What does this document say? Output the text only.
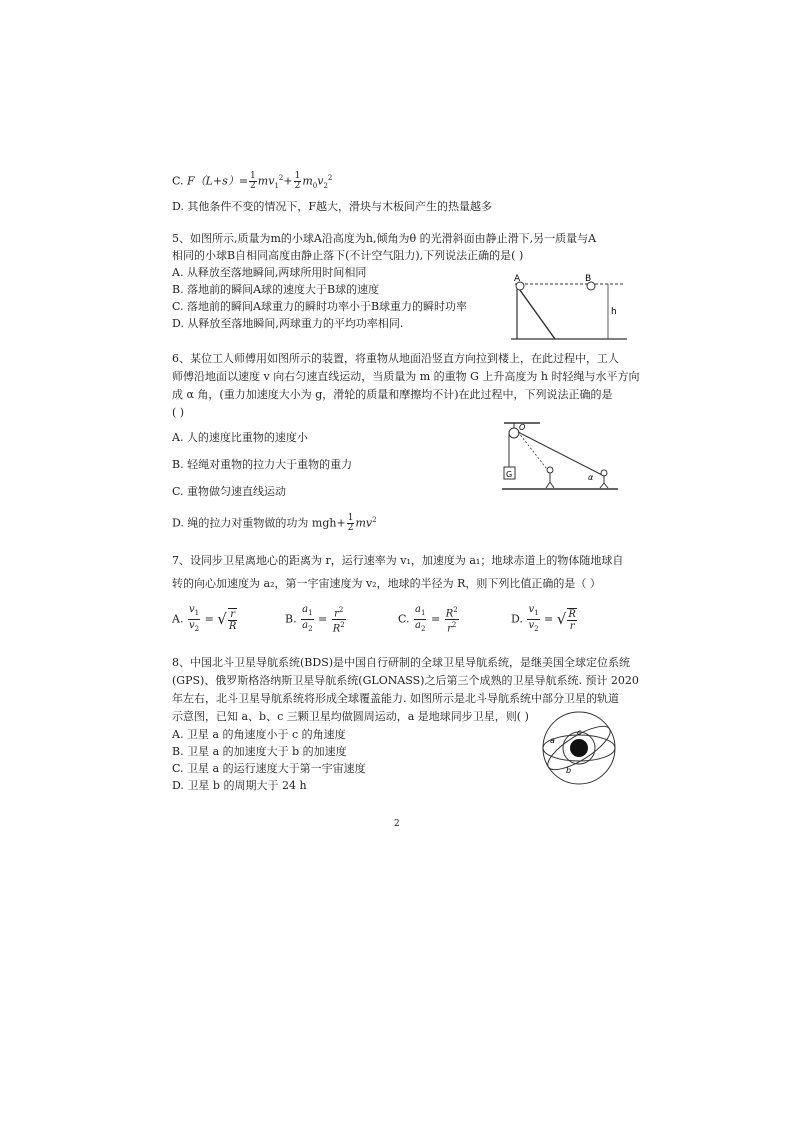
C. $F(L+s)= \frac{1}{2} mv_1^2+ \frac{1}{2} m_0v_2^2$
D. 其他条件不变的情况下，F越大，滑块与木板间产生的热量越多
5、如图所示,质量为m的小球A沿高度为h,倾角为θ 的光滑斜面由静止滑下,另一质量与A
相同的小球B自相同高度由静止落下(不计空气阻力),下列说法正确的是( )
A. 从释放至落地瞬间,两球所用时间相同
B. 落地前的瞬间A球的速度大于B球的速度
C. 落地前的瞬间A球重力的瞬时功率小于B球重力的瞬时功率
D. 从释放至落地瞬间,两球重力的平均功率相同.
A	B
h
6、某位工人师傅用如图所示的装置，将重物从地面沿竖直方向拉到楼上，在此过程中，工人
师傅沿地面以速度 v 向右匀速直线运动，当质量为 m 的重物 G 上升高度为 h 时轻绳与水平方向
成 α 角，(重力加速度大小为 g，滑轮的质量和摩擦均不计)在此过程中，下列说法正确的是
( )
A. 人的速度比重物的速度小
B. 轻绳对重物的拉力大于重物的重力
C. 重物做匀速直线运动
D. 绳的拉力对重物做的功为 $mgh+ \frac{1}{2} mv^2$
G
O
α
7、设同步卫星离地心的距离为 r，运行速率为 v₁，加速度为 a₁；地球赤道上的物体随地球自
转的向心加速度为 a₂，第一宇宙速度为 v₂，地球的半径为 R，则下列比值正确的是（ ）
A. $\frac{v_1}{v_2}$ = √ $\frac{r}{R}$	B. $\frac{a_1}{a_2} = \frac{r^2}{R^2}$	C. $\frac{a_1}{a_2} = \frac{R^2}{r^2}$	D. $\frac{v_1}{v_2}$ = √ $\frac{R}{r}$
8、中国北斗卫星导航系统(BDS)是中国自行研制的全球卫星导航系统，是继美国全球定位系统
(GPS)、俄罗斯格洛纳斯卫星导航系统(GLONASS)之后第三个成熟的卫星导航系统. 预计 2020
年左右，北斗卫星导航系统将形成全球覆盖能力. 如图所示是北斗导航系统中部分卫星的轨道
示意图，已知 a、b、c 三颗卫星均做圆周运动，a 是地球同步卫星，则( )
A. 卫星 a 的角速度小于 c 的角速度
B. 卫星 a 的加速度大于 b 的加速度
C. 卫星 a 的运行速度大于第一宇宙速度
D. 卫星 b 的周期大于 24 h
a
b
c
2
